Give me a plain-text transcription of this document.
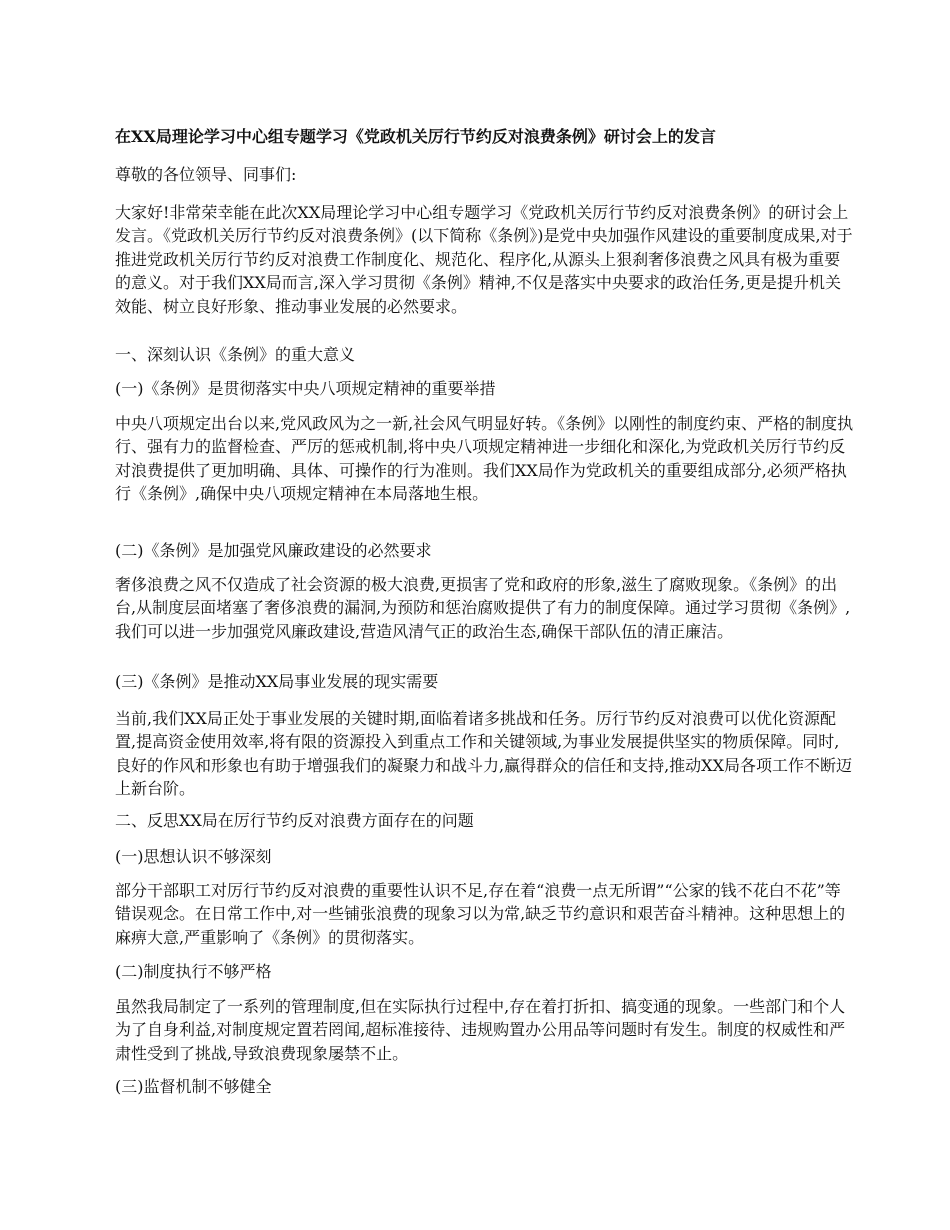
在XX局理论学习中心组专题学习《党政机关厉行节约反对浪费条例》研讨会上的发言
尊敬的各位领导、同事们:
大家好!非常荣幸能在此次XX局理论学习中心组专题学习《党政机关厉行节约反对浪费条例》的研讨会上发言。《党政机关厉行节约反对浪费条例》(以下简称《条例》)是党中央加强作风建设的重要制度成果,对于推进党政机关厉行节约反对浪费工作制度化、规范化、程序化,从源头上狠刹奢侈浪费之风具有极为重要的意义。对于我们XX局而言,深入学习贯彻《条例》精神,不仅是落实中央要求的政治任务,更是提升机关效能、树立良好形象、推动事业发展的必然要求。
一、深刻认识《条例》的重大意义
(一)《条例》是贯彻落实中央八项规定精神的重要举措
中央八项规定出台以来,党风政风为之一新,社会风气明显好转。《条例》以刚性的制度约束、严格的制度执行、强有力的监督检查、严厉的惩戒机制,将中央八项规定精神进一步细化和深化,为党政机关厉行节约反对浪费提供了更加明确、具体、可操作的行为准则。我们XX局作为党政机关的重要组成部分,必须严格执行《条例》,确保中央八项规定精神在本局落地生根。
(二)《条例》是加强党风廉政建设的必然要求
奢侈浪费之风不仅造成了社会资源的极大浪费,更损害了党和政府的形象,滋生了腐败现象。《条例》的出台,从制度层面堵塞了奢侈浪费的漏洞,为预防和惩治腐败提供了有力的制度保障。通过学习贯彻《条例》,我们可以进一步加强党风廉政建设,营造风清气正的政治生态,确保干部队伍的清正廉洁。
(三)《条例》是推动XX局事业发展的现实需要
当前,我们XX局正处于事业发展的关键时期,面临着诸多挑战和任务。厉行节约反对浪费可以优化资源配置,提高资金使用效率,将有限的资源投入到重点工作和关键领域,为事业发展提供坚实的物质保障。同时,良好的作风和形象也有助于增强我们的凝聚力和战斗力,赢得群众的信任和支持,推动XX局各项工作不断迈上新台阶。
二、反思XX局在厉行节约反对浪费方面存在的问题
(一)思想认识不够深刻
部分干部职工对厉行节约反对浪费的重要性认识不足,存在着“浪费一点无所谓”“公家的钱不花白不花”等错误观念。在日常工作中,对一些铺张浪费的现象习以为常,缺乏节约意识和艰苦奋斗精神。这种思想上的麻痹大意,严重影响了《条例》的贯彻落实。
(二)制度执行不够严格
虽然我局制定了一系列的管理制度,但在实际执行过程中,存在着打折扣、搞变通的现象。一些部门和个人为了自身利益,对制度规定置若罔闻,超标准接待、违规购置办公用品等问题时有发生。制度的权威性和严肃性受到了挑战,导致浪费现象屡禁不止。
(三)监督机制不够健全
